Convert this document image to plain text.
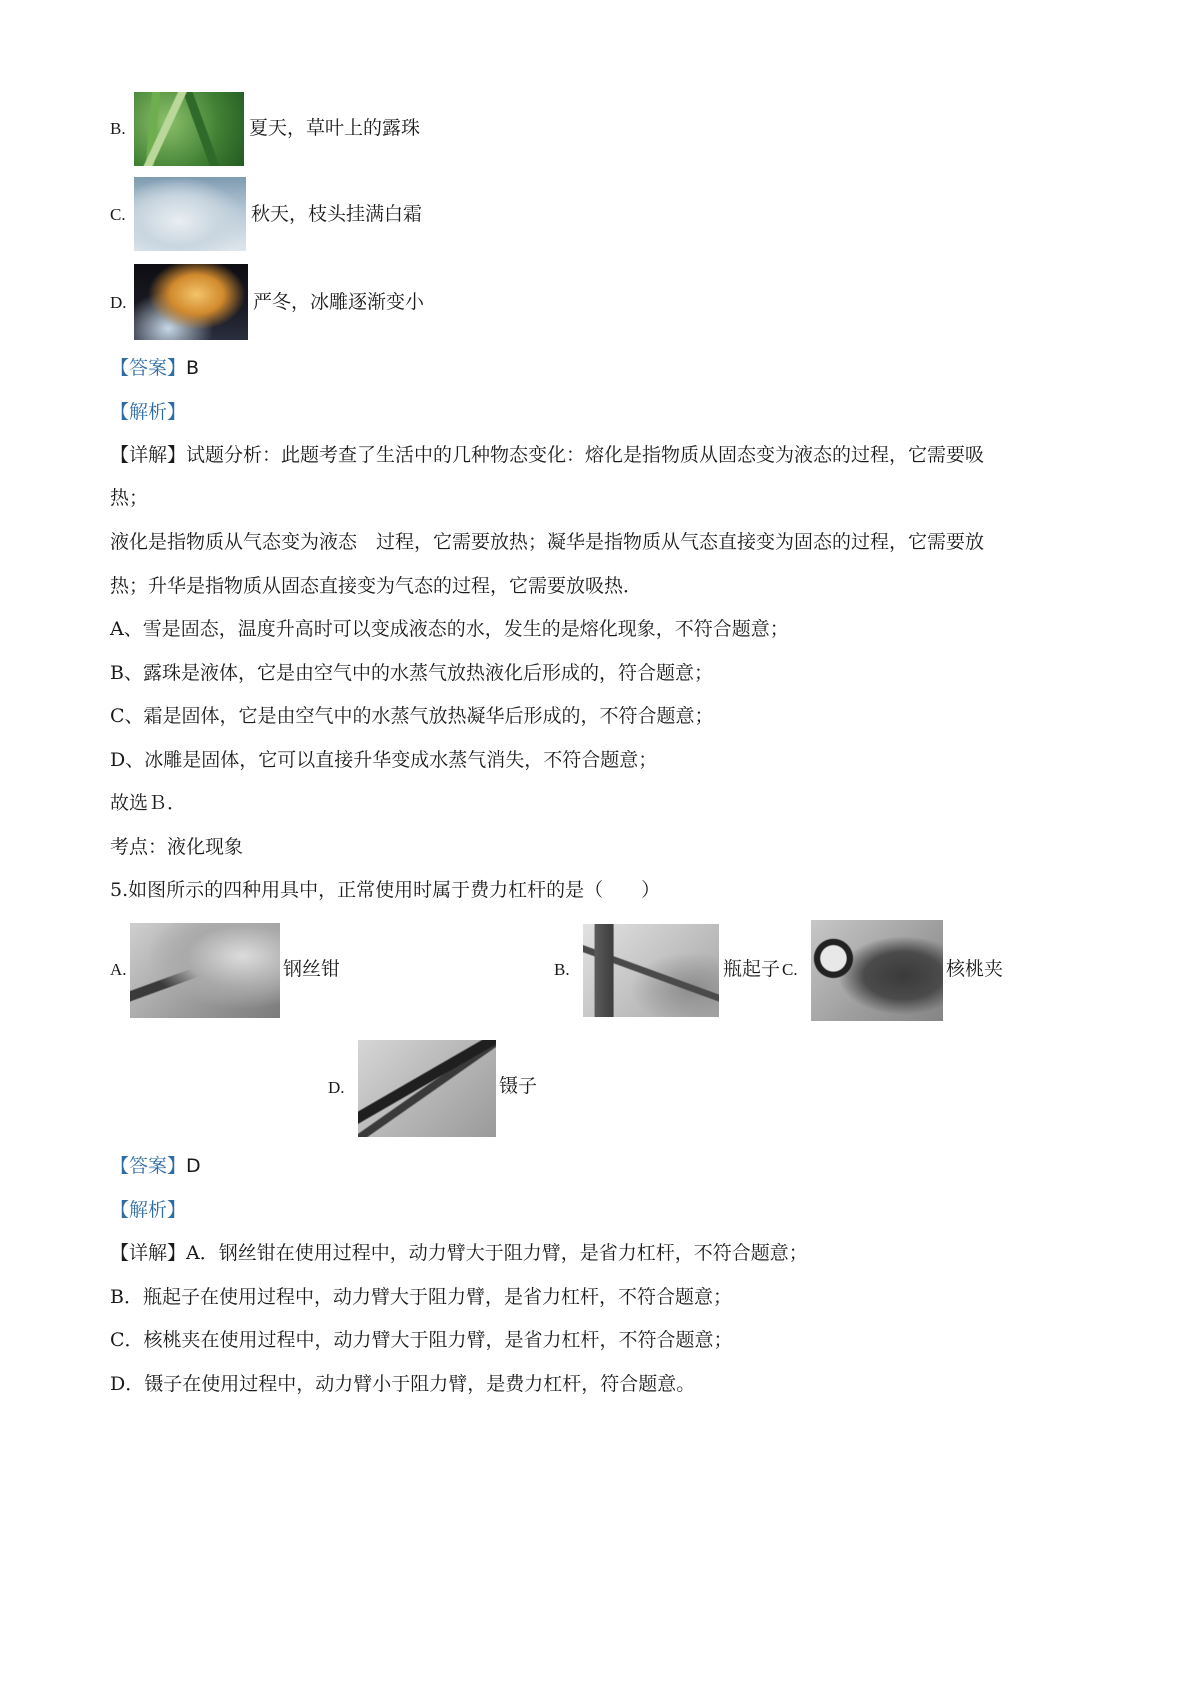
B.	夏天，草叶上的露珠
C.	秋天，枝头挂满白霜
D.	严冬，冰雕逐渐变小
【答案】B
【解析】
【详解】试题分析：此题考查了生活中的几种物态变化：熔化是指物质从固态变为液态的过程，它需要吸
热；
液化是指物质从气态变为液态　过程，它需要放热；凝华是指物质从气态直接变为固态的过程，它需要放
热；升华是指物质从固态直接变为气态的过程，它需要放吸热．
A、雪是固态，温度升高时可以变成液态的水，发生的是熔化现象，不符合题意；
B、露珠是液体，它是由空气中的水蒸气放热液化后形成的，符合题意；
C、霜是固体，它是由空气中的水蒸气放热凝华后形成的，不符合题意；
D、冰雕是固体，它可以直接升华变成水蒸气消失，不符合题意；
故选Ｂ．
考点：液化现象
5.如图所示的四种用具中，正常使用时属于费力杠杆的是（　　）
A.	钢丝钳	B.	瓶起子 C.	核桃夹
D.	镊子
【答案】D
【解析】
【详解】A．钢丝钳在使用过程中，动力臂大于阻力臂，是省力杠杆，不符合题意；
B．瓶起子在使用过程中，动力臂大于阻力臂，是省力杠杆，不符合题意；
C．核桃夹在使用过程中，动力臂大于阻力臂，是省力杠杆，不符合题意；
D．镊子在使用过程中，动力臂小于阻力臂，是费力杠杆，符合题意。
